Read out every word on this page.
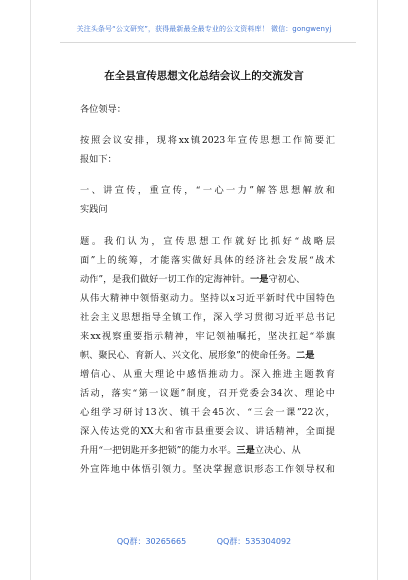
关注头条号“公文研究”，获得最新最全最专业的公文资料库！ 微信：gongwenyj
在全县宣传思想文化总结会议上的交流发言
各位领导：
按照会议安排，现将xx镇2023年宣传思想工作简要汇
报如下：
一、讲宣传，重宣传，“一心一力”解答思想解放和
实践问
题。我们认为，宣传思想工作就好比抓好“战略层
面”上的统筹，才能落实做好具体的经济社会发展“战术
动作”，是我们做好一切工作的定海神针。一是守初心、
从伟大精神中领悟驱动力。坚持以x习近平新时代中国特色
社会主义思想指导全镇工作，深入学习贯彻习近平总书记
来xx视察重要指示精神，牢记领袖嘱托，坚决扛起“举旗
帜、聚民心、育新人、兴文化、展形象”的使命任务。二是
增信心、从重大理论中感悟推动力。深入推进主题教育
活动，落实“第一议题”制度，召开党委会34次、理论中
心组学习研讨13次、镇干会45次、“三会一课”22次，
深入传达党的XX大和省市县重要会议、讲话精神，全面提
升用“一把钥匙开多把锁”的能力水平。三是立决心、从
外宣阵地中体悟引领力。坚决掌握意识形态工作领导权和
QQ群：30265665	QQ群：535304092
